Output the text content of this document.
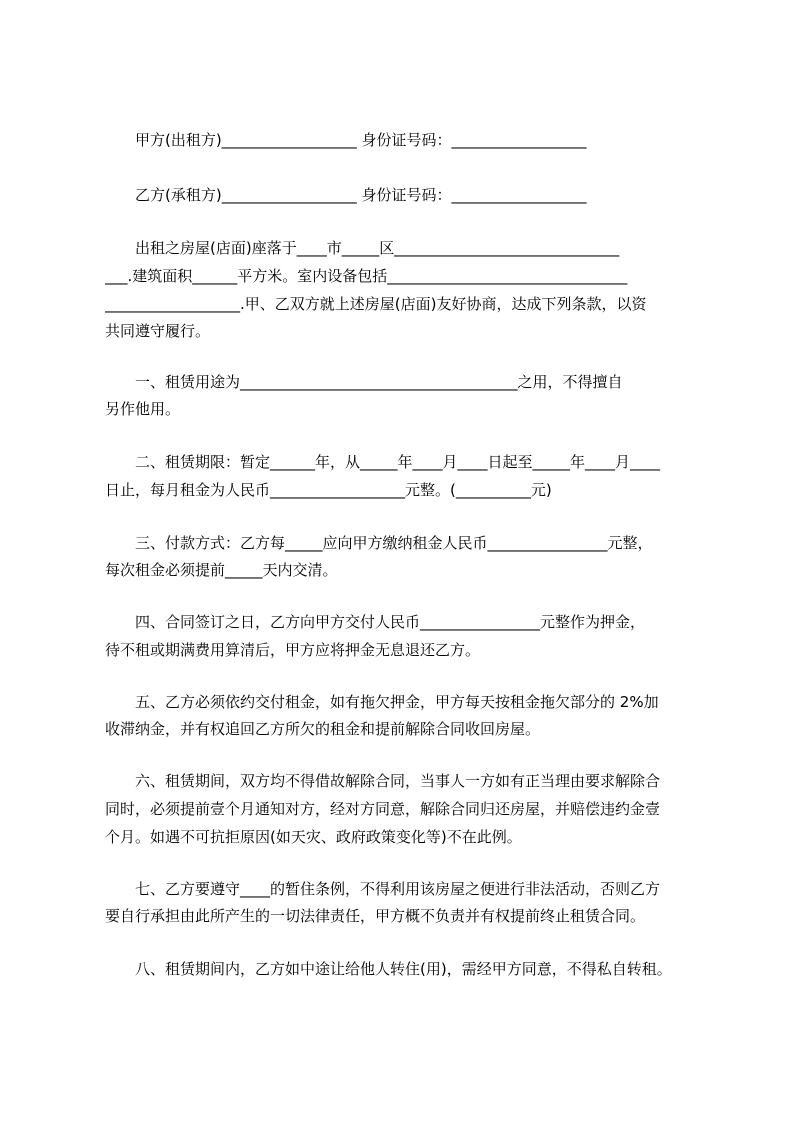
　　甲方(出租方)__________________ 身份证号码：__________________
　　乙方(承租方)__________________ 身份证号码：__________________
　　出租之房屋(店面)座落于____市_____区______________________________
___.建筑面积______平方米。室内设备包括________________________________
__________________.甲、乙双方就上述房屋(店面)友好协商，达成下列条款，以资
共同遵守履行。
　　一、租赁用途为_____________________________________之用，不得擅自
另作他用。
　　二、租赁期限：暂定______年，从_____年____月____日起至_____年____月____
日止，每月租金为人民币__________________元整。(__________元)
　　三、付款方式：乙方每_____应向甲方缴纳租金人民币________________元整，
每次租金必须提前_____天内交清。
　　四、合同签订之日，乙方向甲方交付人民币________________元整作为押金，
待不租或期满费用算清后，甲方应将押金无息退还乙方。
　　五、乙方必须依约交付租金，如有拖欠押金，甲方每天按租金拖欠部分的 2%加
收滞纳金，并有权追回乙方所欠的租金和提前解除合同收回房屋。
　　六、租赁期间，双方均不得借故解除合同，当事人一方如有正当理由要求解除合
同时，必须提前壹个月通知对方，经对方同意，解除合同归还房屋，并赔偿违约金壹
个月。如遇不可抗拒原因(如天灾、政府政策变化等)不在此例。
　　七、乙方要遵守____的暂住条例，不得利用该房屋之便进行非法活动，否则乙方
要自行承担由此所产生的一切法律责任，甲方概不负责并有权提前终止租赁合同。
　　八、租赁期间内，乙方如中途让给他人转住(用)，需经甲方同意，不得私自转租。
